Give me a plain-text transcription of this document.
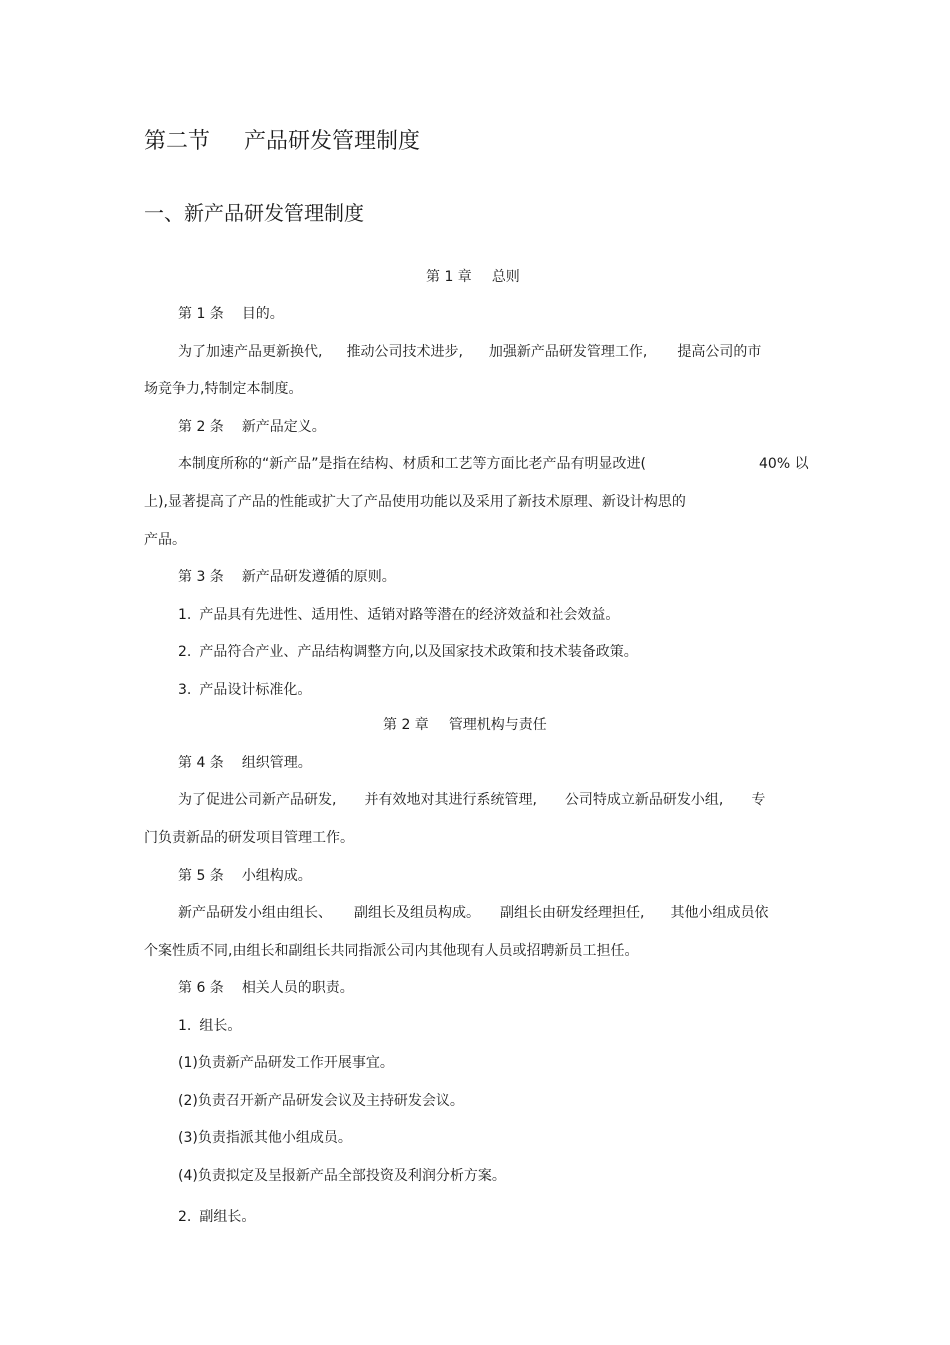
第二节 产品研发管理制度
一、新产品研发管理制度
第 1 章 总则
第 1 条 目的。
为了加速产品更新换代, 推动公司技术进步, 加强新产品研发管理工作, 提高公司的市
场竞争力,特制定本制度。
第 2 条 新产品定义。
本制度所称的“新产品”是指在结构、材质和工艺等方面比老产品有明显改进(	40% 以
上),显著提高了产品的性能或扩大了产品使用功能以及采用了新技术原理、新设计构思的
产品。
第 3 条 新产品研发遵循的原则。
1. 产品具有先进性、适用性、适销对路等潜在的经济效益和社会效益。
2. 产品符合产业、产品结构调整方向,以及国家技术政策和技术装备政策。
3. 产品设计标准化。
第 2 章 管理机构与责任
第 4 条 组织管理。
为了促进公司新产品研发, 并有效地对其进行系统管理, 公司特成立新品研发小组, 专
门负责新品的研发项目管理工作。
第 5 条 小组构成。
新产品研发小组由组长、 副组长及组员构成。 副组长由研发经理担任, 其他小组成员依
个案性质不同,由组长和副组长共同指派公司内其他现有人员或招聘新员工担任。
第 6 条 相关人员的职责。
1. 组长。
(1)负责新产品研发工作开展事宜。
(2)负责召开新产品研发会议及主持研发会议。
(3)负责指派其他小组成员。
(4)负责拟定及呈报新产品全部投资及利润分析方案。
2. 副组长。
